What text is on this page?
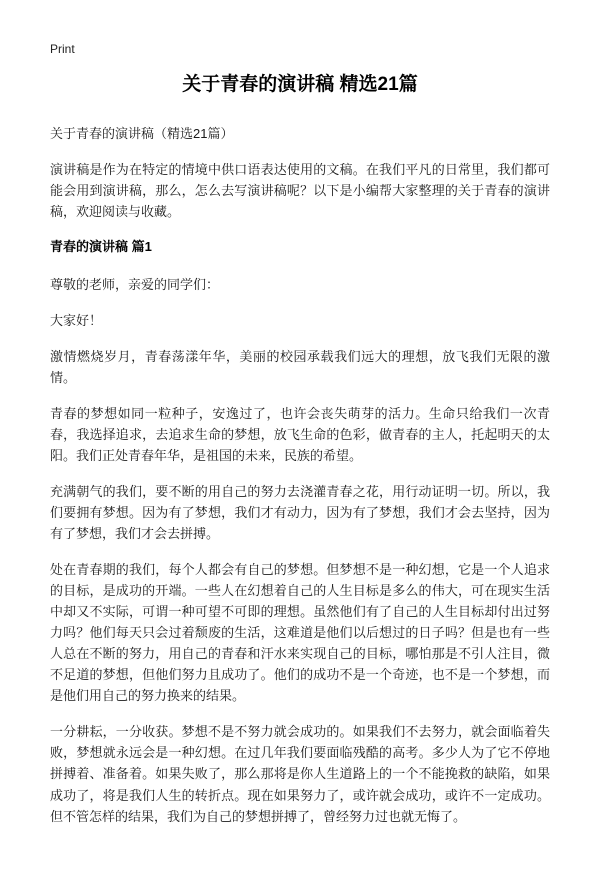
Print
关于青春的演讲稿 精选21篇

关于青春的演讲稿（精选21篇）

演讲稿是作为在特定的情境中供口语表达使用的文稿。在我们平凡的日常里，我们都可能会用到演讲稿，那么，怎么去写演讲稿呢？以下是小编帮大家整理的关于青春的演讲稿，欢迎阅读与收藏。

青春的演讲稿 篇1

尊敬的老师，亲爱的同学们：

大家好！

激情燃烧岁月，青春荡漾年华，美丽的校园承载我们远大的理想，放飞我们无限的激情。

青春的梦想如同一粒种子，安逸过了，也许会丧失萌芽的活力。生命只给我们一次青春，我选择追求，去追求生命的梦想，放飞生命的色彩，做青春的主人，托起明天的太阳。我们正处青春年华，是祖国的未来，民族的希望。

充满朝气的我们，要不断的用自己的努力去浇灌青春之花，用行动证明一切。所以，我们要拥有梦想。因为有了梦想，我们才有动力，因为有了梦想，我们才会去坚持，因为有了梦想，我们才会去拼搏。

处在青春期的我们，每个人都会有自己的梦想。但梦想不是一种幻想，它是一个人追求的目标，是成功的开端。一些人在幻想着自己的人生目标是多么的伟大，可在现实生活中却又不实际，可谓一种可望不可即的理想。虽然他们有了自己的人生目标却付出过努力吗？他们每天只会过着颓废的生活，这难道是他们以后想过的日子吗？但是也有一些人总在不断的努力，用自己的青春和汗水来实现自己的目标，哪怕那是不引人注目，微不足道的梦想，但他们努力且成功了。他们的成功不是一个奇迹，也不是一个梦想，而是他们用自己的努力换来的结果。

一分耕耘，一分收获。梦想不是不努力就会成功的。如果我们不去努力，就会面临着失败，梦想就永远会是一种幻想。在过几年我们要面临残酷的高考。多少人为了它不停地拼搏着、准备着。如果失败了，那么那将是你人生道路上的一个不能挽救的缺陷，如果成功了，将是我们人生的转折点。现在如果努力了，或许就会成功，或许不一定成功。但不管怎样的结果，我们为自己的梦想拼搏了，曾经努力过也就无悔了。
